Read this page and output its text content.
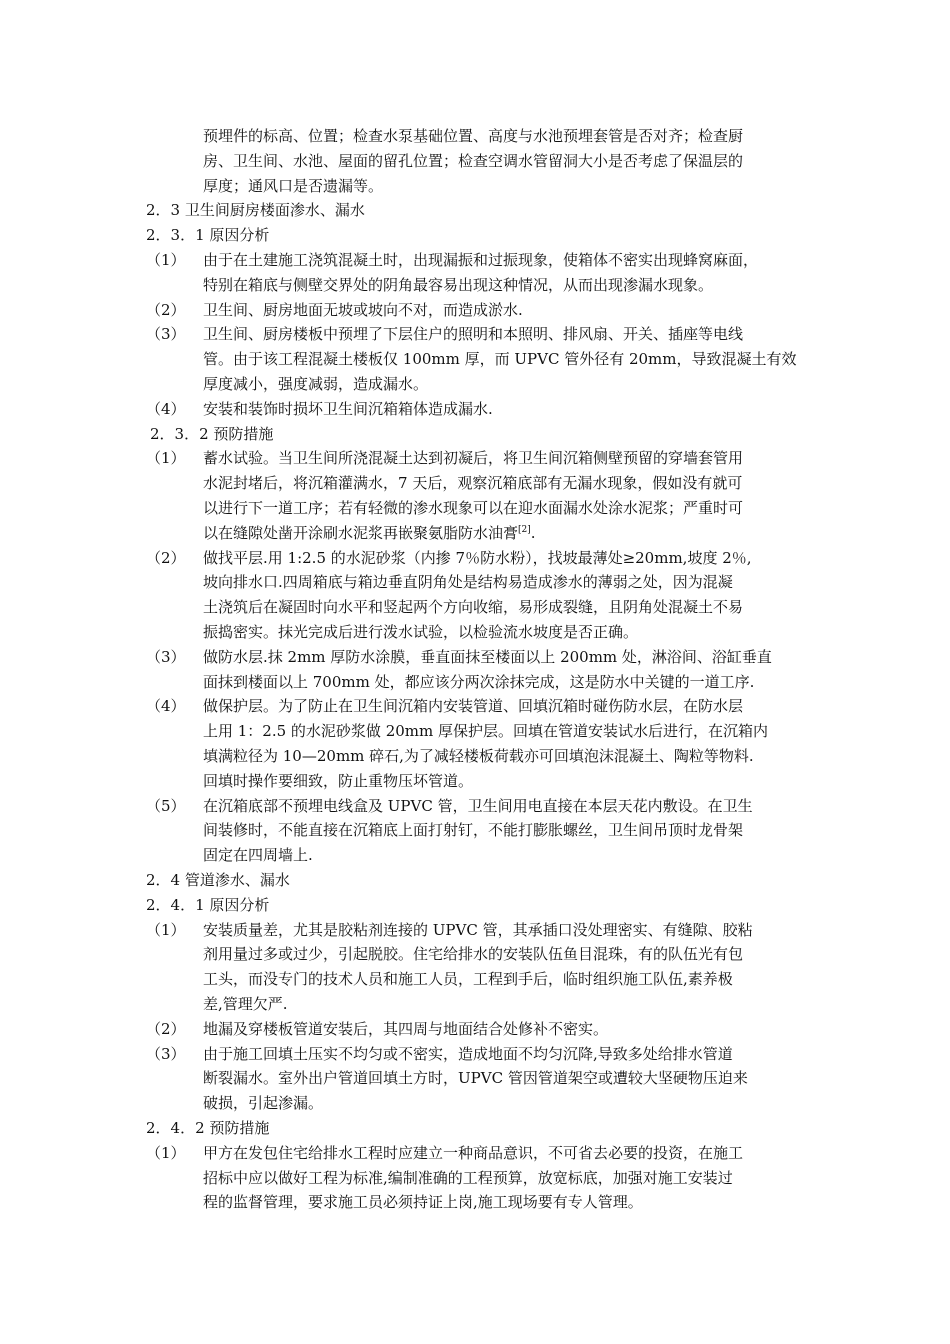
预埋件的标高、位置；检查水泵基础位置、高度与水池预埋套管是否对齐；检查厨
房、卫生间、水池、屋面的留孔位置；检查空调水管留洞大小是否考虑了保温层的
厚度；通风口是否遗漏等。
2．3 卫生间厨房楼面渗水、漏水
2．3．1 原因分析
（1） 由于在土建施工浇筑混凝土时，出现漏振和过振现象，使箱体不密实出现蜂窝麻面，
特别在箱底与侧壁交界处的阴角最容易出现这种情况，从而出现渗漏水现象。
（2） 卫生间、厨房地面无坡或坡向不对，而造成淤水.
（3） 卫生间、厨房楼板中预埋了下层住户的照明和本照明、排风扇、开关、插座等电线
管。由于该工程混凝土楼板仅 100mm 厚，而 UPVC 管外径有 20mm，导致混凝土有效
厚度减小，强度减弱，造成漏水。
（4） 安装和装饰时损坏卫生间沉箱箱体造成漏水.
2．3．2 预防措施
（1） 蓄水试验。当卫生间所浇混凝土达到初凝后，将卫生间沉箱侧壁预留的穿墙套管用
水泥封堵后，将沉箱灌满水，7 天后，观察沉箱底部有无漏水现象，假如没有就可
以进行下一道工序；若有轻微的渗水现象可以在迎水面漏水处涂水泥浆；严重时可
以在缝隙处凿开涂刷水泥浆再嵌聚氨脂防水油膏[2].
（2） 做找平层.用 1:2.5 的水泥砂浆（内掺 7％防水粉），找坡最薄处≥20mm,坡度 2％,
坡向排水口.四周箱底与箱边垂直阴角处是结构易造成渗水的薄弱之处，因为混凝
土浇筑后在凝固时向水平和竖起两个方向收缩，易形成裂缝，且阴角处混凝土不易
振捣密实。抹光完成后进行泼水试验，以检验流水坡度是否正确。
（3） 做防水层.抹 2mm 厚防水涂膜，垂直面抹至楼面以上 200mm 处，淋浴间、浴缸垂直
面抹到楼面以上 700mm 处，都应该分两次涂抹完成，这是防水中关键的一道工序.
（4） 做保护层。为了防止在卫生间沉箱内安装管道、回填沉箱时碰伤防水层，在防水层
上用 1：2.5 的水泥砂浆做 20mm 厚保护层。回填在管道安装试水后进行，在沉箱内
填满粒径为 10—20mm 碎石,为了减轻楼板荷载亦可回填泡沫混凝土、陶粒等物料.
回填时操作要细致，防止重物压坏管道。
（5） 在沉箱底部不预埋电线盒及 UPVC 管，卫生间用电直接在本层天花内敷设。在卫生
间装修时，不能直接在沉箱底上面打射钉，不能打膨胀螺丝，卫生间吊顶时龙骨架
固定在四周墙上.
2．4 管道渗水、漏水
2．4．1 原因分析
（1） 安装质量差，尤其是胶粘剂连接的 UPVC 管，其承插口没处理密实、有缝隙、胶粘
剂用量过多或过少，引起脱胶。住宅给排水的安装队伍鱼目混珠，有的队伍光有包
工头，而没专门的技术人员和施工人员，工程到手后，临时组织施工队伍,素养极
差,管理欠严.
（2） 地漏及穿楼板管道安装后，其四周与地面结合处修补不密实。
（3） 由于施工回填土压实不均匀或不密实，造成地面不均匀沉降,导致多处给排水管道
断裂漏水。室外出户管道回填土方时，UPVC 管因管道架空或遭较大坚硬物压迫来
破损，引起渗漏。
2．4．2 预防措施
（1） 甲方在发包住宅给排水工程时应建立一种商品意识，不可省去必要的投资，在施工
招标中应以做好工程为标准,编制准确的工程预算，放宽标底，加强对施工安装过
程的监督管理，要求施工员必须持证上岗,施工现场要有专人管理。
